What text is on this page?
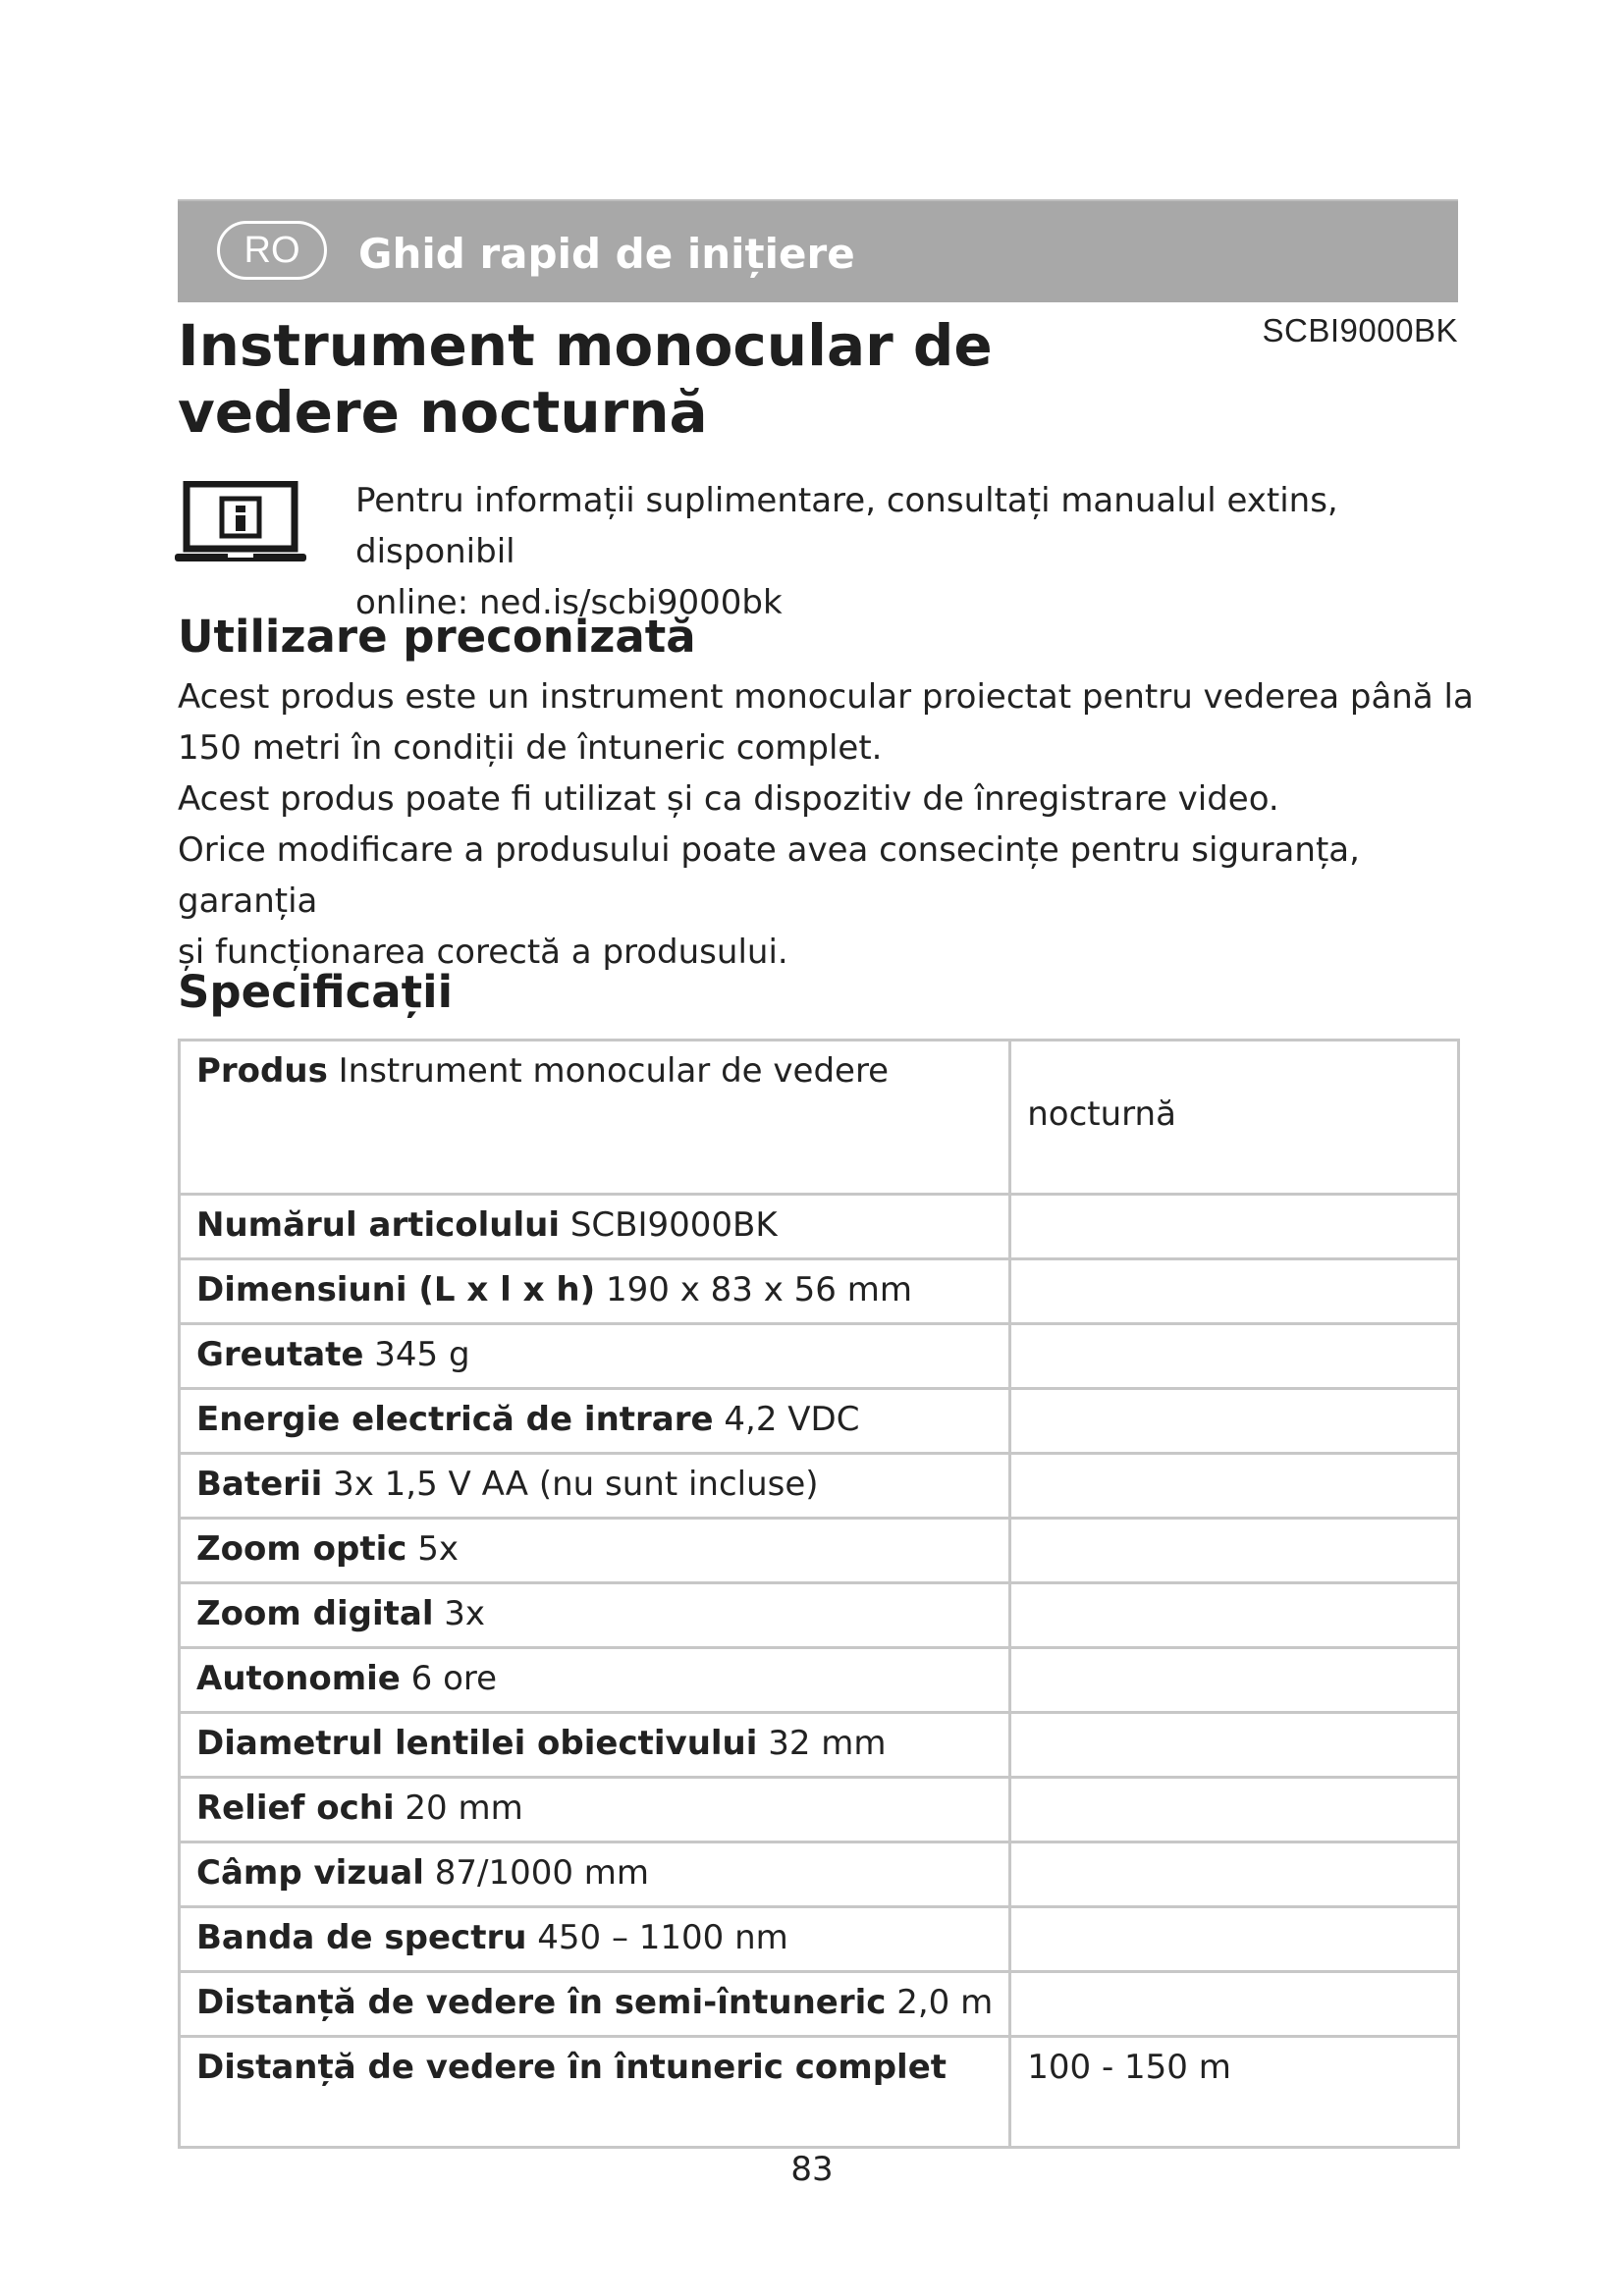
RO	Ghid rapid de inițiere
Instrument monocular de
vedere nocturnă
SCBI9000BK
Pentru informații suplimentare, consultați manualul extins, disponibil
online: ned.is/scbi9000bk
Utilizare preconizată

Acest produs este un instrument monocular proiectat pentru vederea până la

150 metri în condiții de întuneric complet.

Acest produs poate fi utilizat și ca dispozitiv de înregistrare video.

Orice modificare a produsului poate avea consecințe pentru siguranța, garanția

și funcționarea corectă a produsului.

Specificații
Produs Instrument monocular de vedere	nocturnă
Numărul articolului SCBI9000BK	
Dimensiuni (L x l x h) 190 x 83 x 56 mm	
Greutate 345 g	
Energie electrică de intrare 4,2 VDC	
Baterii 3x 1,5 V AA (nu sunt incluse)	
Zoom optic 5x	
Zoom digital 3x	
Autonomie 6 ore	
Diametrul lentilei obiectivului 32 mm	
Relief ochi 20 mm	
Câmp vizual 87/1000 mm	
Banda de spectru 450 – 1100 nm	
Distanță de vedere în semi-întuneric 2,0 m	
Distanță de vedere în întuneric complet	100 - 150 m
83
